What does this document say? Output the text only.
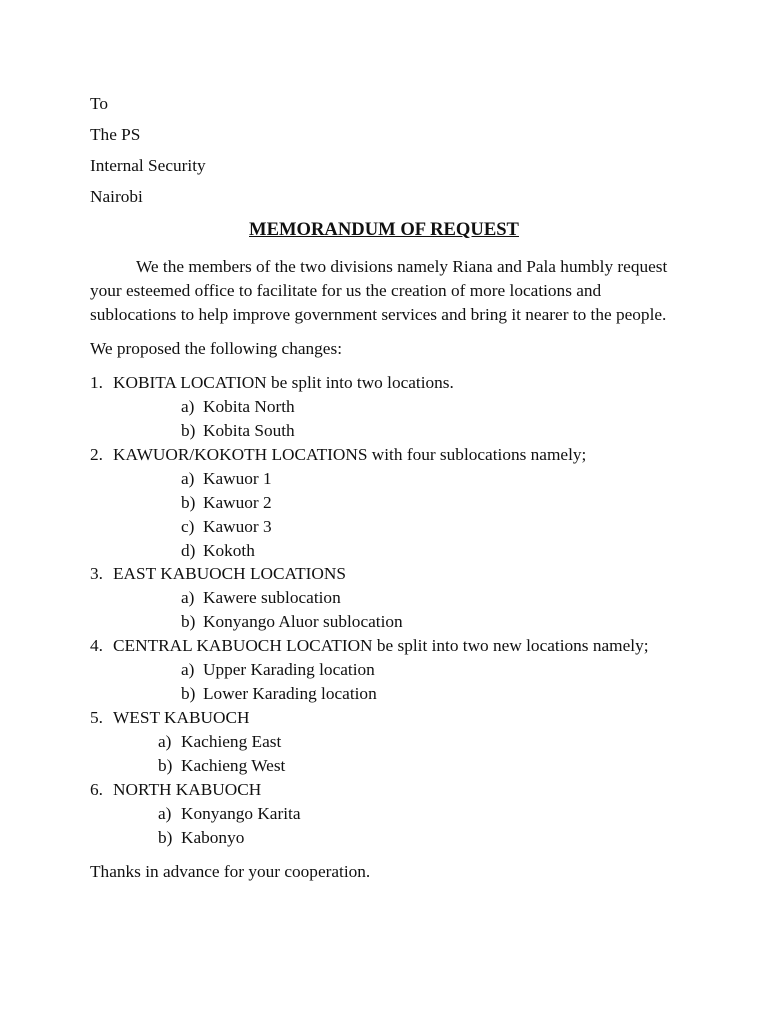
To
The PS
Internal Security
Nairobi
MEMORANDUM OF REQUEST
We the members of the two divisions namely Riana and Pala humbly request
your esteemed office to facilitate for us the creation of more locations and
sublocations to help improve government services and bring it nearer to the people.
We proposed the following changes:
1. KOBITA LOCATION be split into two locations.
a) Kobita North
b) Kobita South
2. KAWUOR/KOKOTH LOCATIONS with four sublocations namely;
a) Kawuor 1
b) Kawuor 2
c) Kawuor 3
d) Kokoth
3. EAST KABUOCH LOCATIONS
a) Kawere sublocation
b) Konyango Aluor sublocation
4. CENTRAL KABUOCH LOCATION be split into two new locations namely;
a) Upper Karading location
b) Lower Karading location
5. WEST KABUOCH
a) Kachieng East
b) Kachieng West
6. NORTH KABUOCH
a) Konyango Karita
b) Kabonyo
Thanks in advance for your cooperation.
